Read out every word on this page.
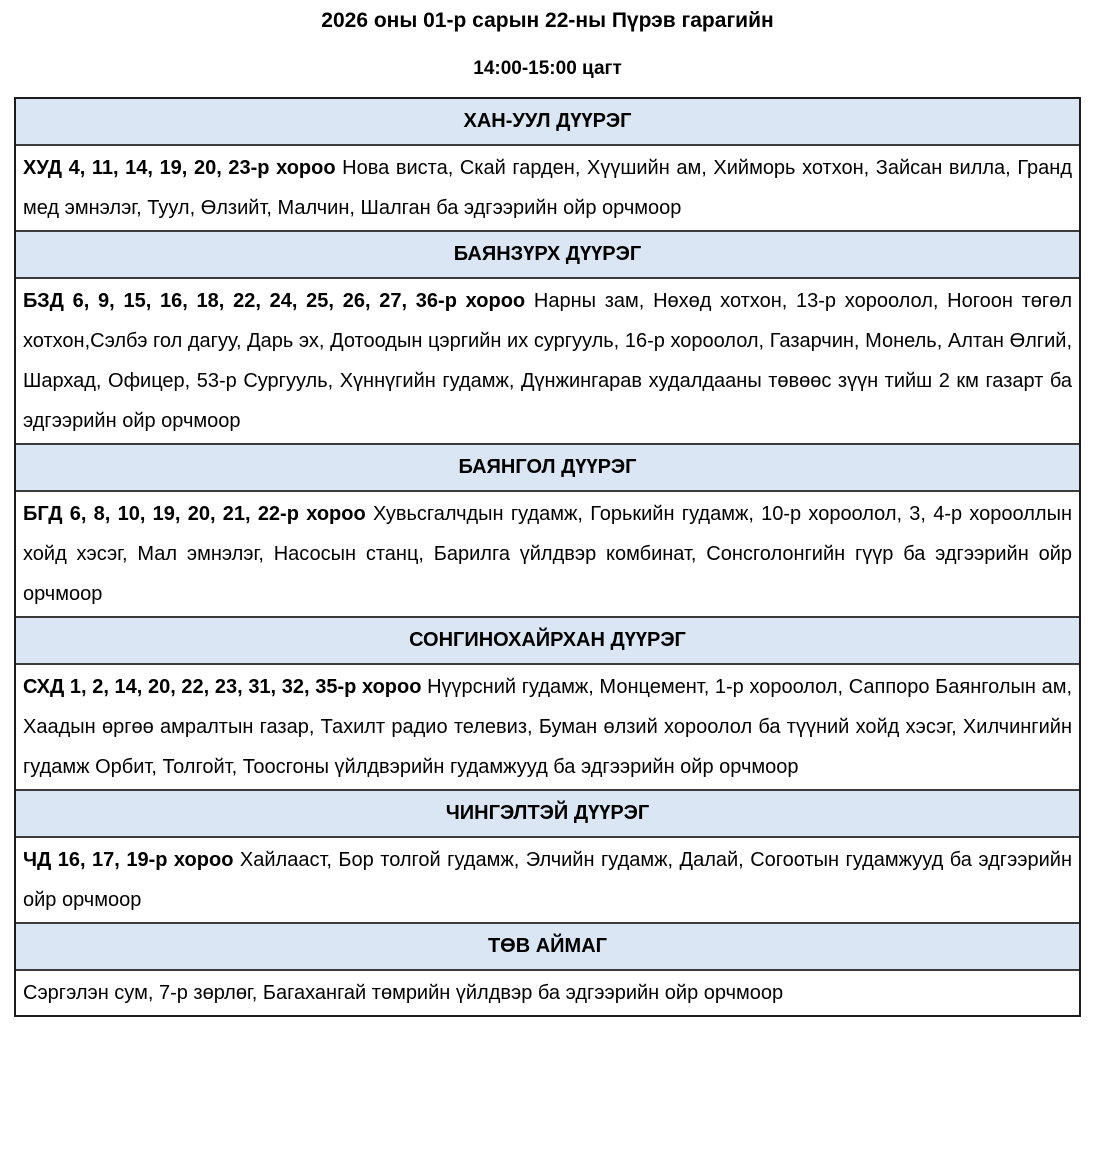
2026 оны 01-р сарын 22-ны Пүрэв гарагийн
14:00-15:00 цагт
ХАН-УУЛ ДҮҮРЭГ
ХУД 4, 11, 14, 19, 20, 23-р хороо Нова виста, Скай гарден, Хүүшийн ам, Хийморь хотхон, Зайсан вилла, Гранд мед эмнэлэг, Туул, Өлзийт, Малчин, Шалган ба эдгээрийн ойр орчмоор
БАЯНЗҮРХ ДҮҮРЭГ
БЗД 6, 9, 15, 16, 18, 22, 24, 25, 26, 27, 36-р хороо Нарны зам, Нөхөд хотхон, 13-р хороолол, Ногоон төгөл хотхон,Сэлбэ гол дагуу, Дарь эх, Дотоодын цэргийн их сургууль, 16-р хороолол, Газарчин, Монель, Алтан Өлгий, Шархад, Офицер, 53-р Сургууль, Хүннүгийн гудамж, Дүнжингарав худалдааны төвөөс зүүн тийш 2 км газарт ба эдгээрийн ойр орчмоор
БАЯНГОЛ ДҮҮРЭГ
БГД 6, 8, 10, 19, 20, 21, 22-р хороо Хувьсгалчдын гудамж, Горькийн гудамж, 10-р хороолол, 3, 4-р хорооллын хойд хэсэг, Мал эмнэлэг, Насосын станц, Барилга үйлдвэр комбинат, Сонсголонгийн гүүр ба эдгээрийн ойр орчмоор
СОНГИНОХАЙРХАН ДҮҮРЭГ
СХД 1, 2, 14, 20, 22, 23, 31, 32, 35-р хороо Нүүрсний гудамж, Монцемент, 1-р хороолол, Саппоро Баянголын ам, Хаадын өргөө амралтын газар, Тахилт радио телевиз, Буман өлзий хороолол ба түүний хойд хэсэг, Хилчингийн гудамж Орбит, Толгойт, Тоосгоны үйлдвэрийн гудамжууд ба эдгээрийн ойр орчмоор
ЧИНГЭЛТЭЙ ДҮҮРЭГ
ЧД 16, 17, 19-р хороо Хайлааст, Бор толгой гудамж, Элчийн гудамж, Далай, Согоотын гудамжууд ба эдгээрийн ойр орчмоор
ТӨВ АЙМАГ
Сэргэлэн сум, 7-р зөрлөг, Багахангай төмрийн үйлдвэр ба эдгээрийн ойр орчмоор
